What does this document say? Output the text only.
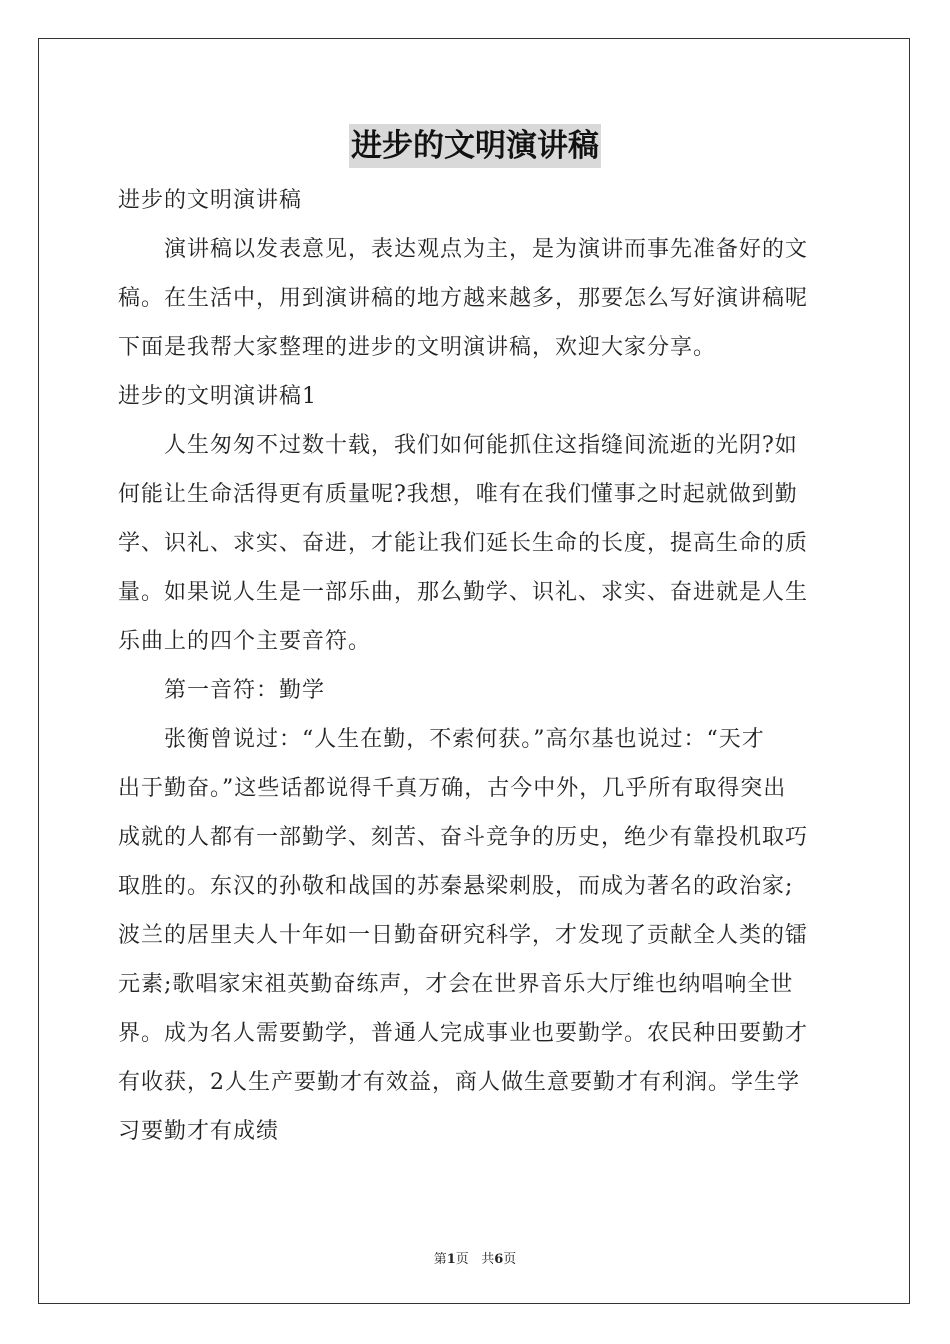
进步的文明演讲稿
进步的文明演讲稿
演讲稿以发表意见，表达观点为主，是为演讲而事先准备好的文
稿。在生活中，用到演讲稿的地方越来越多，那要怎么写好演讲稿呢
下面是我帮大家整理的进步的文明演讲稿，欢迎大家分享。
进步的文明演讲稿1
人生匆匆不过数十载，我们如何能抓住这指缝间流逝的光阴?如
何能让生命活得更有质量呢?我想，唯有在我们懂事之时起就做到勤
学、识礼、求实、奋进，才能让我们延长生命的长度，提高生命的质
量。如果说人生是一部乐曲，那么勤学、识礼、求实、奋进就是人生
乐曲上的四个主要音符。
第一音符：勤学
张衡曾说过：“人生在勤，不索何获。”高尔基也说过：“天才
出于勤奋。”这些话都说得千真万确，古今中外，几乎所有取得突出
成就的人都有一部勤学、刻苦、奋斗竞争的历史，绝少有靠投机取巧
取胜的。东汉的孙敬和战国的苏秦悬梁刺股，而成为著名的政治家;
波兰的居里夫人十年如一日勤奋研究科学，才发现了贡献全人类的镭
元素;歌唱家宋祖英勤奋练声，才会在世界音乐大厅维也纳唱响全世
界。成为名人需要勤学，普通人完成事业也要勤学。农民种田要勤才
有收获，2人生产要勤才有效益，商人做生意要勤才有利润。学生学
习要勤才有成绩
第1页 共6页
